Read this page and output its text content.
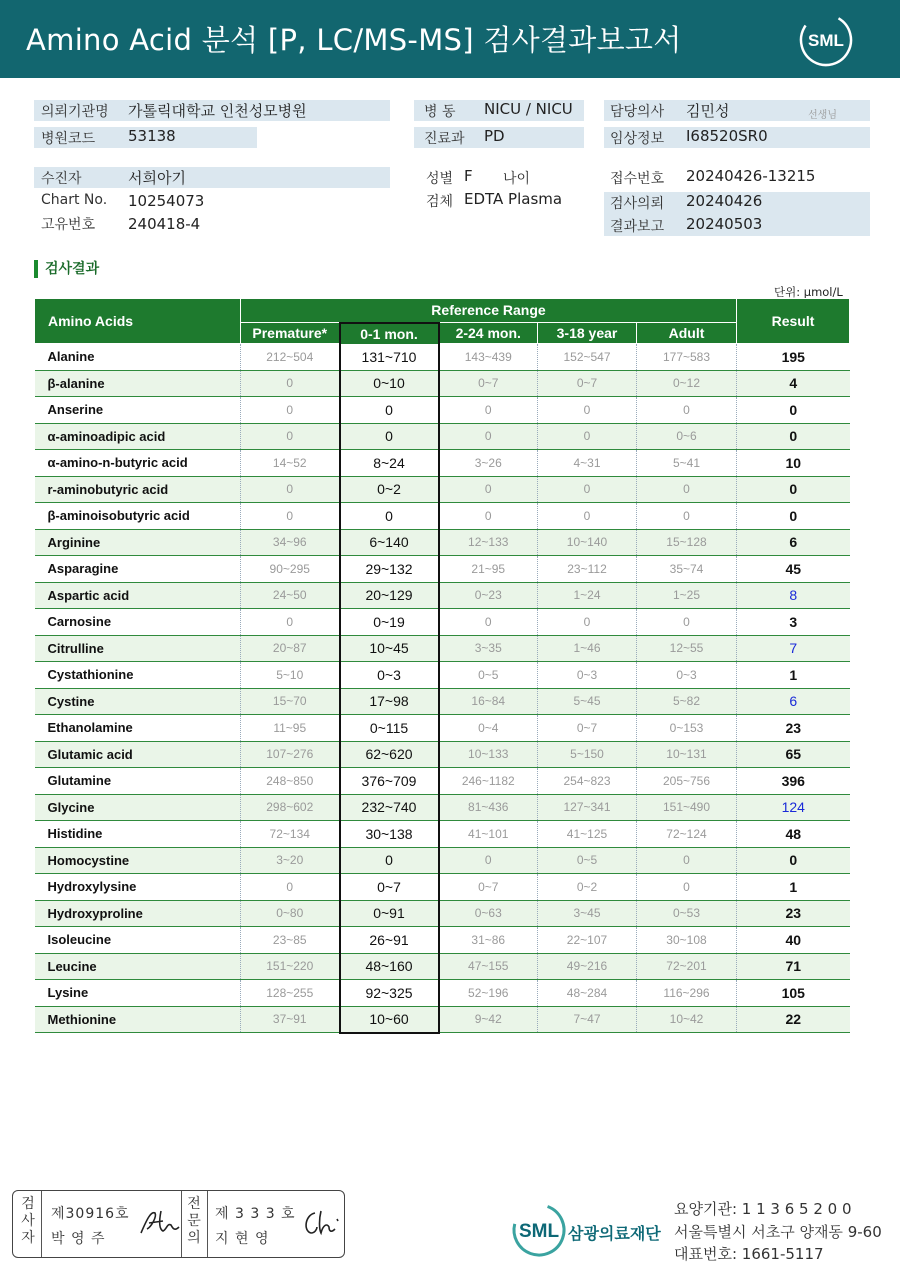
Amino Acid 분석 [P, LC/MS-MS] 검사결과보고서	SML
의뢰기관명 가톨릭대학교 인천성모병원
병원코드 53138
병 동 NICU / NICU
진료과 PD
담당의사 김민성	선생님
임상정보 I68520SR0
수진자	서희아기
Chart No. 10254073
고유번호 240418-4
성별 F 나이
검체 EDTA Plasma
접수번호 20240426-13215
검사의뢰 20240426
결과보고 20240503
검사결과
단위: μmol/L
Amino Acids	Reference Range					Result
	Premature*	0-1 mon.	2-24 mon.	3-18 year	Adult	
Alanine	212~504	131~710	143~439	152~547	177~583	195
β-alanine	0	0~10	0~7	0~7	0~12	4
Anserine	0	0	0	0	0	0
α-aminoadipic acid	0	0	0	0	0~6	0
α-amino-n-butyric acid	14~52	8~24	3~26	4~31	5~41	10
r-aminobutyric acid	0	0~2	0	0	0	0
β-aminoisobutyric acid	0	0	0	0	0	0
Arginine	34~96	6~140	12~133	10~140	15~128	6
Asparagine	90~295	29~132	21~95	23~112	35~74	45
Aspartic acid	24~50	20~129	0~23	1~24	1~25	8
Carnosine	0	0~19	0	0	0	3
Citrulline	20~87	10~45	3~35	1~46	12~55	7
Cystathionine	5~10	0~3	0~5	0~3	0~3	1
Cystine	15~70	17~98	16~84	5~45	5~82	6
Ethanolamine	11~95	0~115	0~4	0~7	0~153	23
Glutamic acid	107~276	62~620	10~133	5~150	10~131	65
Glutamine	248~850	376~709	246~1182	254~823	205~756	396
Glycine	298~602	232~740	81~436	127~341	151~490	124
Histidine	72~134	30~138	41~101	41~125	72~124	48
Homocystine	3~20	0	0	0~5	0	0
Hydroxylysine	0	0~7	0~7	0~2	0	1
Hydroxyproline	0~80	0~91	0~63	3~45	0~53	23
Isoleucine	23~85	26~91	31~86	22~107	30~108	40
Leucine	151~220	48~160	47~155	49~216	72~201	71
Lysine	128~255	92~325	52~196	48~284	116~296	105
Methionine	37~91	10~60	9~42	7~47	10~42	22
검
사
자
제30916호
박 영 주
전
문
의
제 3 3 3 호
지 현 영	SML 삼광의료재단
요양기관: 1 1 3 6 5 2 0 0
서울특별시 서초구 양재동 9-60
대표번호: 1661-5117
